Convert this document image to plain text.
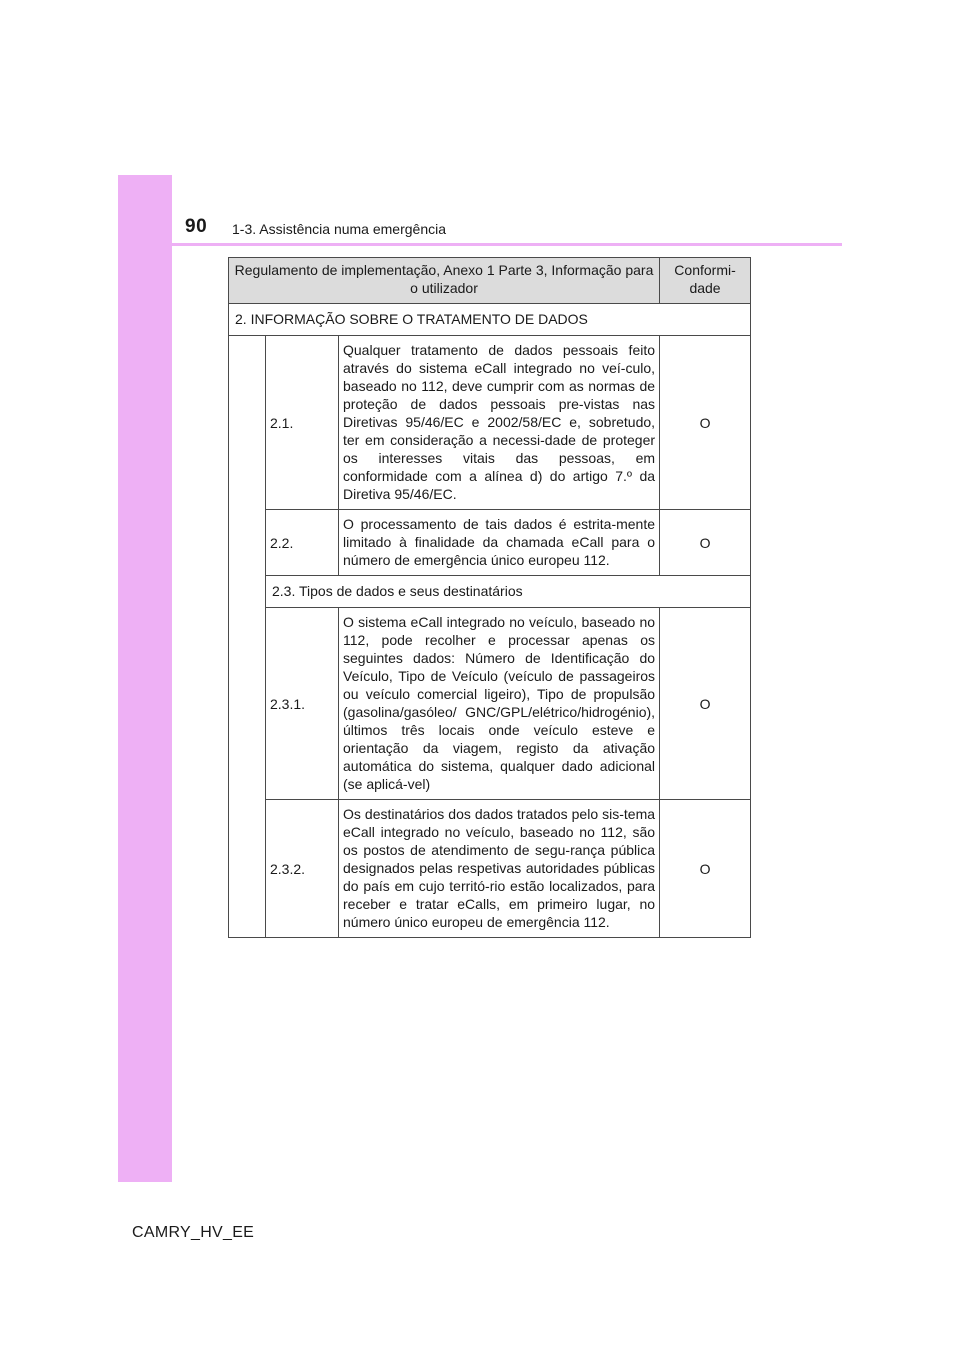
90 1-3. Assistência numa emergência
Regulamento de implementação, Anexo 1 Parte 3, Informação para o utilizador			Conformi-dade
2. INFORMAÇÃO SOBRE O TRATAMENTO DE DADOS			
	2.1.	Qualquer tratamento de dados pessoais feito através do sistema eCall integrado no veí-culo, baseado no 112, deve cumprir com as normas de proteção de dados pessoais pre-vistas nas Diretivas 95/46/EC e 2002/58/EC e, sobretudo, ter em consideração a necessi-dade de proteger os interesses vitais das pessoas, em conformidade com a alínea d) do artigo 7.º da Diretiva 95/46/EC.	O
	2.2.	O processamento de tais dados é estrita-mente limitado à finalidade da chamada eCall para o número de emergência único europeu 112.	O
	2.3. Tipos de dados e seus destinatários		
	2.3.1.	O sistema eCall integrado no veículo, baseado no 112, pode recolher e processar apenas os seguintes dados: Número de Identificação do Veículo, Tipo de Veículo (veículo de passageiros ou veículo comercial ligeiro), Tipo de propulsão (gasolina/gasóleo/ GNC/GPL/elétrico/hidrogénio), últimos três locais onde veículo esteve e orientação da viagem, registo da ativação automática do sistema, qualquer dado adicional (se aplicá-vel)	O
	2.3.2.	Os destinatários dos dados tratados pelo sis-tema eCall integrado no veículo, baseado no 112, são os postos de atendimento de segu-rança pública designados pelas respetivas autoridades públicas do país em cujo territó-rio estão localizados, para receber e tratar eCalls, em primeiro lugar, no número único europeu de emergência 112.	O
CAMRY_HV_EE
